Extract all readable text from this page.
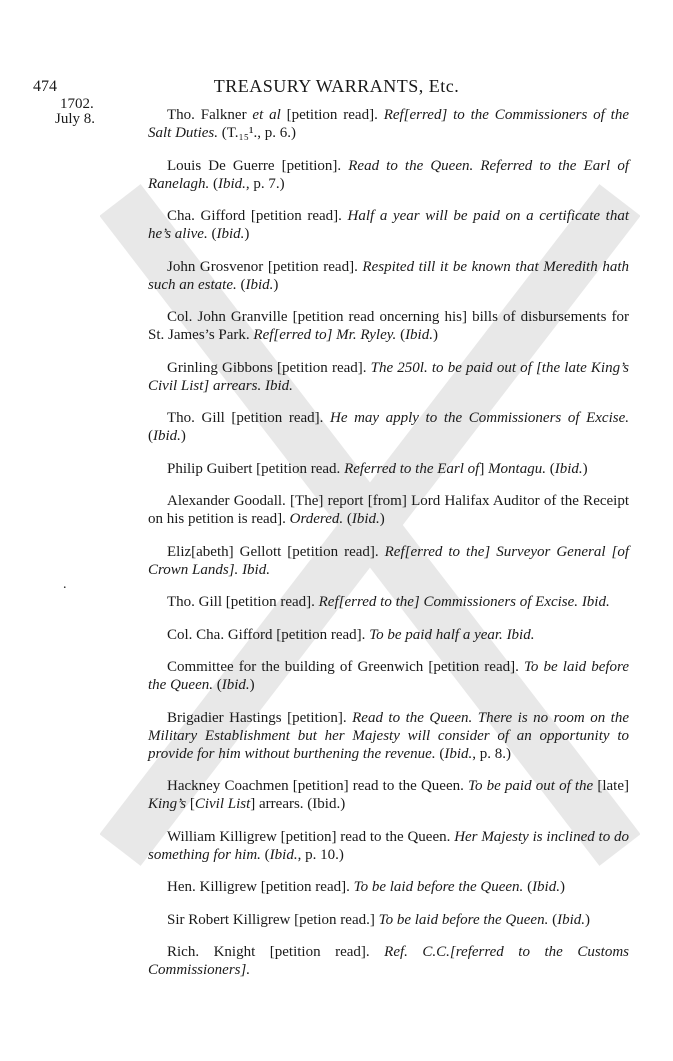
474	TREASURY WARRANTS, Etc.
1702.
July 8.
.

Tho. Falkner et al [petition read]. Ref[erred] to the Commissioners of the Salt Duties. (T.₁₅¹., p. 6.)

Louis De Guerre [petition]. Read to the Queen. Referred to the Earl of Ranelagh. (Ibid., p. 7.)

Cha. Gifford [petition read]. Half a year will be paid on a certificate that he’s alive. (Ibid.)

John Grosvenor [petition read]. Respited till it be known that Meredith hath such an estate. (Ibid.)

Col. John Granville [petition read oncerning his] bills of disbursements for St. James’s Park. Ref[erred to] Mr. Ryley. (Ibid.)

Grinling Gibbons [petition read]. The 250l. to be paid out of [the late King’s Civil List] arrears. Ibid.

Tho. Gill [petition read]. He may apply to the Commissioners of Excise. (Ibid.)

Philip Guibert [petition read. Referred to the Earl of] Montagu. (Ibid.)

Alexander Goodall. [The] report [from] Lord Halifax Auditor of the Receipt on his petition is read]. Ordered. (Ibid.)

Eliz[abeth] Gellott [petition read]. Ref[erred to the] Surveyor General [of Crown Lands]. Ibid.

Tho. Gill [petition read]. Ref[erred to the] Commissioners of Excise. Ibid.

Col. Cha. Gifford [petition read]. To be paid half a year. Ibid.

Committee for the building of Greenwich [petition read]. To be laid before the Queen. (Ibid.)

Brigadier Hastings [petition]. Read to the Queen. There is no room on the Military Establishment but her Majesty will consider of an opportunity to provide for him without burthening the revenue. (Ibid., p. 8.)

Hackney Coachmen [petition] read to the Queen. To be paid out of the [late] King’s [Civil List] arrears. (Ibid.)

William Killigrew [petition] read to the Queen. Her Majesty is inclined to do something for him. (Ibid., p. 10.)

Hen. Killigrew [petition read]. To be laid before the Queen. (Ibid.)

Sir Robert Killigrew [petion read.] To be laid before the Queen. (Ibid.)

Rich. Knight [petition read]. Ref. C.C.[referred to the Customs Commissioners].
